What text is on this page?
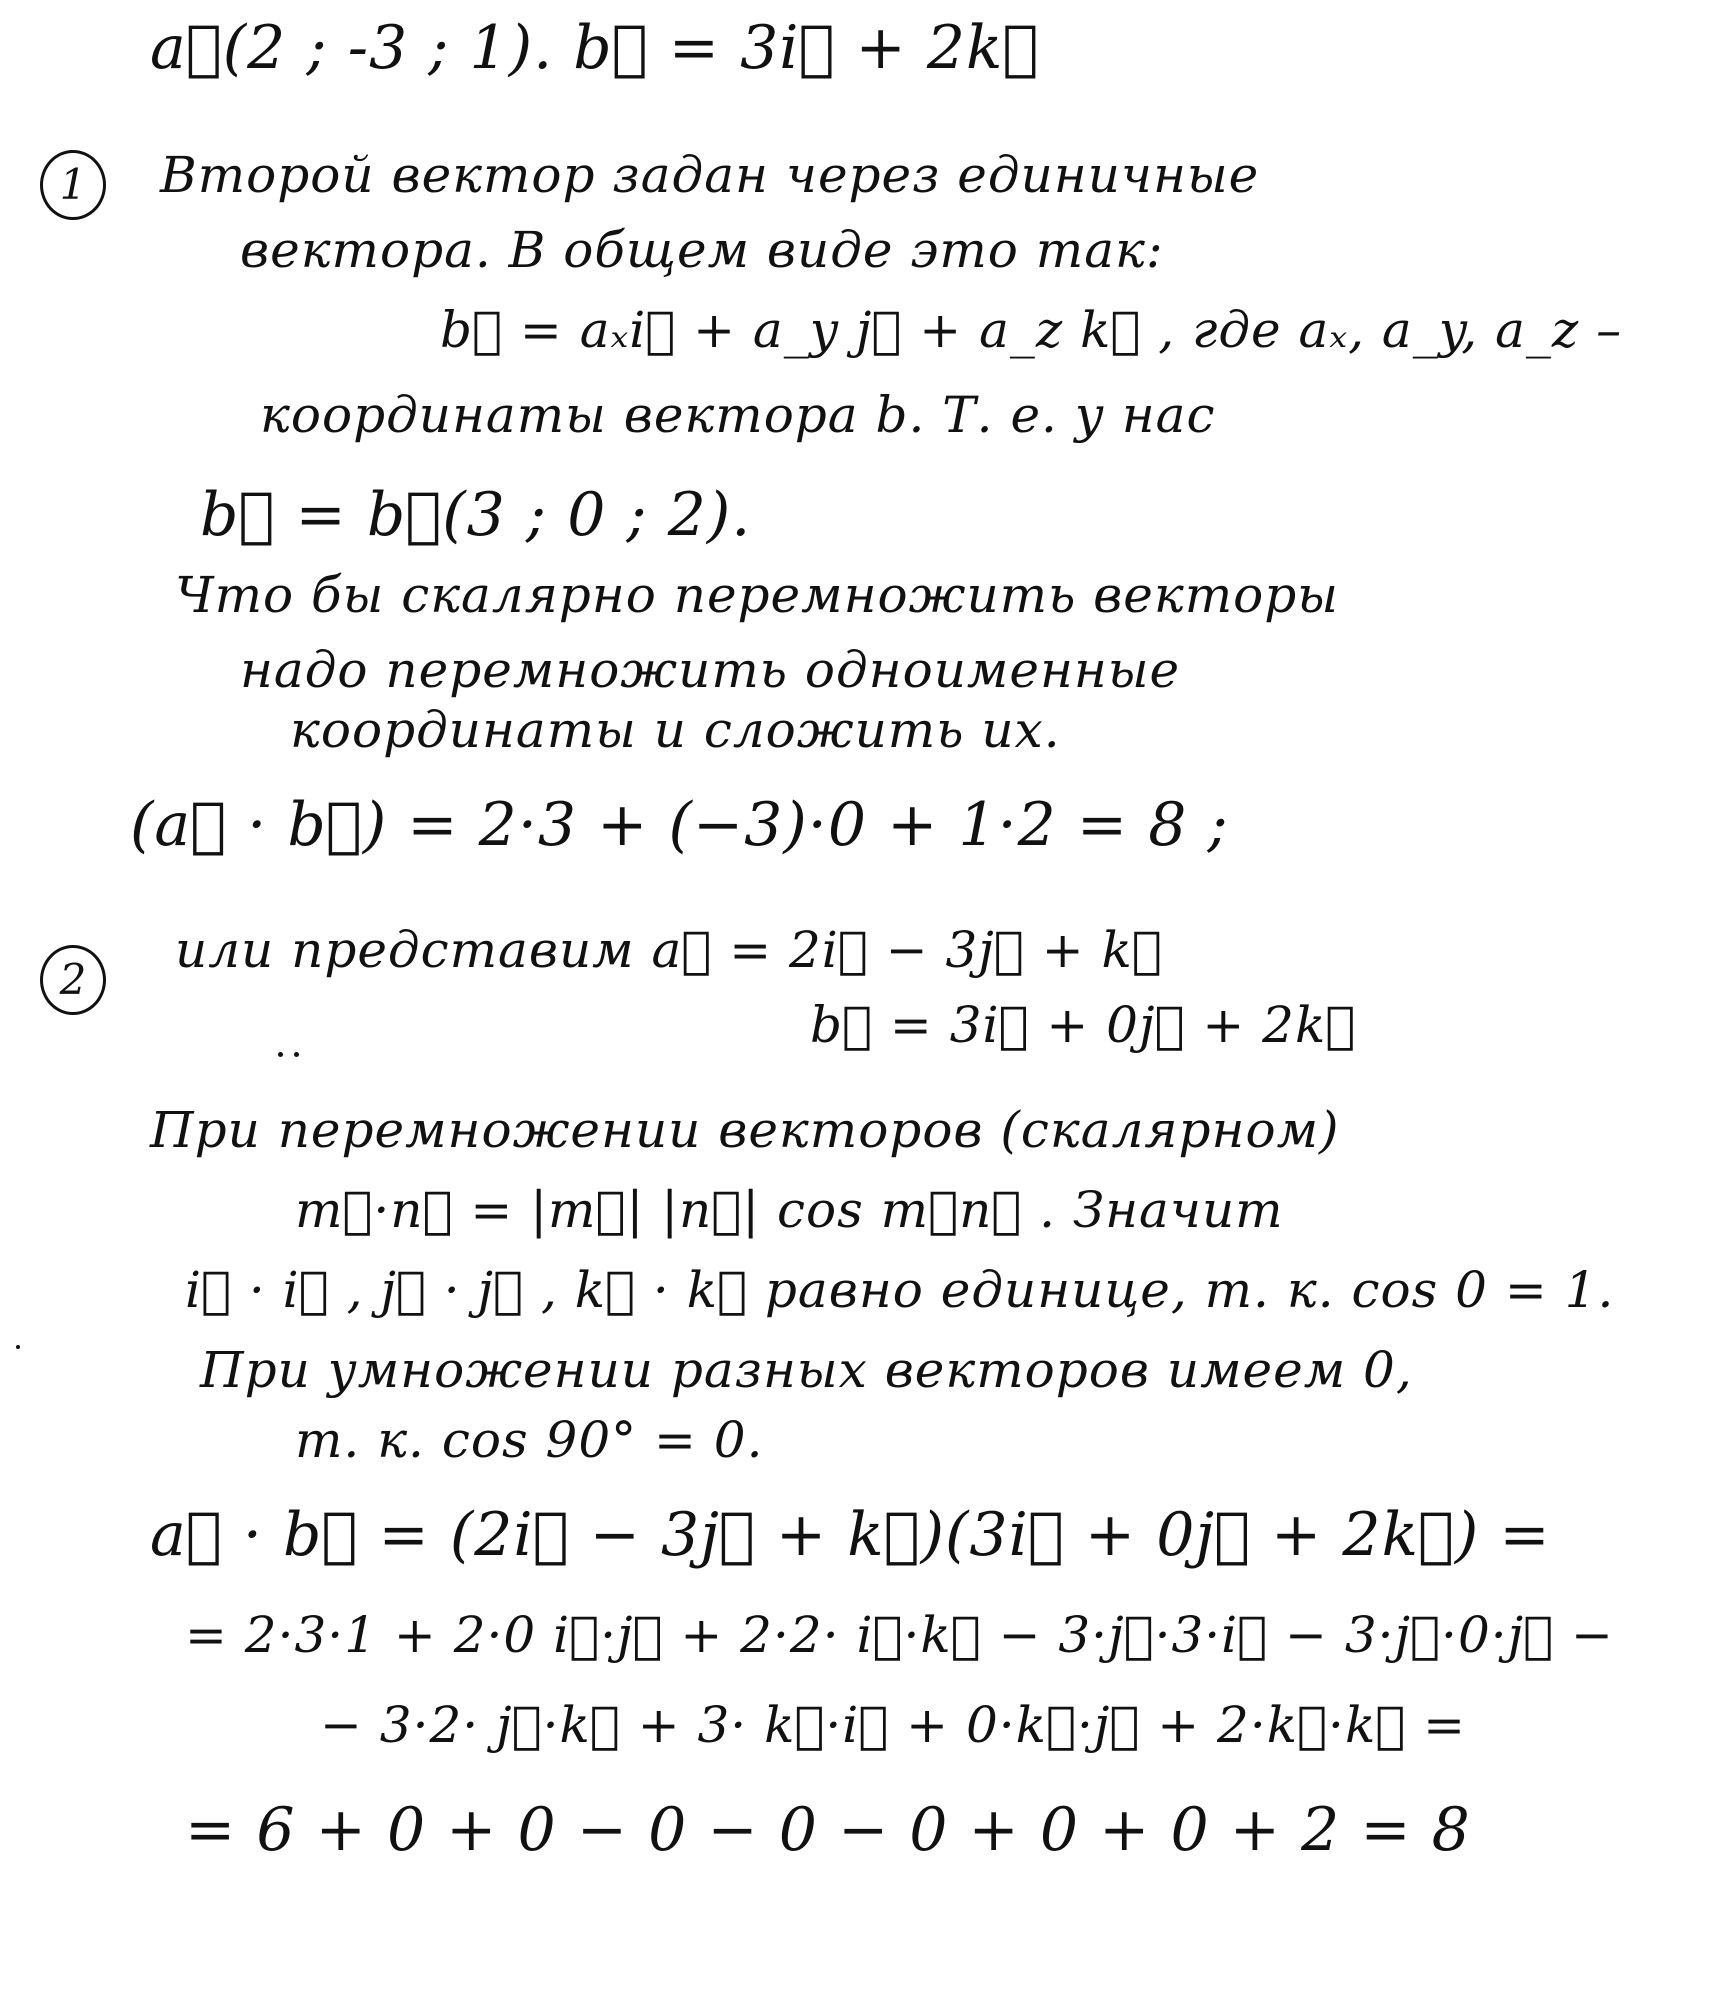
a⃗(2 ; -3 ; 1). b⃗ = 3i⃗ + 2k⃗
1	Второй вектор задан через единичные
вектора. В общем виде это так:
b⃗ = aₓi⃗ + a_y j⃗ + a_z k⃗ , где aₓ, a_y, a_z –
координаты вектора b. Т. е. у нас
b⃗ = b⃗(3 ; 0 ; 2).
Что бы скалярно перемножить векторы
надо перемножить одноименные
координаты и сложить их.
(a⃗ · b⃗) = 2·3 + (−3)·0 + 1·2 = 8 ;
2
или представим a⃗ = 2i⃗ − 3j⃗ + k⃗
b⃗ = 3i⃗ + 0j⃗ + 2k⃗
При перемножении векторов (скалярном)
m⃗·n⃗ = |m⃗| |n⃗| cos m⃗n⃗ . Значит
i⃗ · i⃗ , j⃗ · j⃗ , k⃗ · k⃗ равно единице, т. к. cos 0 = 1.
При умножении разных векторов имеем 0,
т. к. cos 90° = 0.
a⃗ · b⃗ = (2i⃗ − 3j⃗ + k⃗)(3i⃗ + 0j⃗ + 2k⃗) =
= 2·3·1 + 2·0 i⃗·j⃗ + 2·2· i⃗·k⃗ − 3·j⃗·3·i⃗ − 3·j⃗·0·j⃗ −
− 3·2· j⃗·k⃗ + 3· k⃗·i⃗ + 0·k⃗·j⃗ + 2·k⃗·k⃗ =
= 6 + 0 + 0 − 0 − 0 − 0 + 0 + 0 + 2 = 8
